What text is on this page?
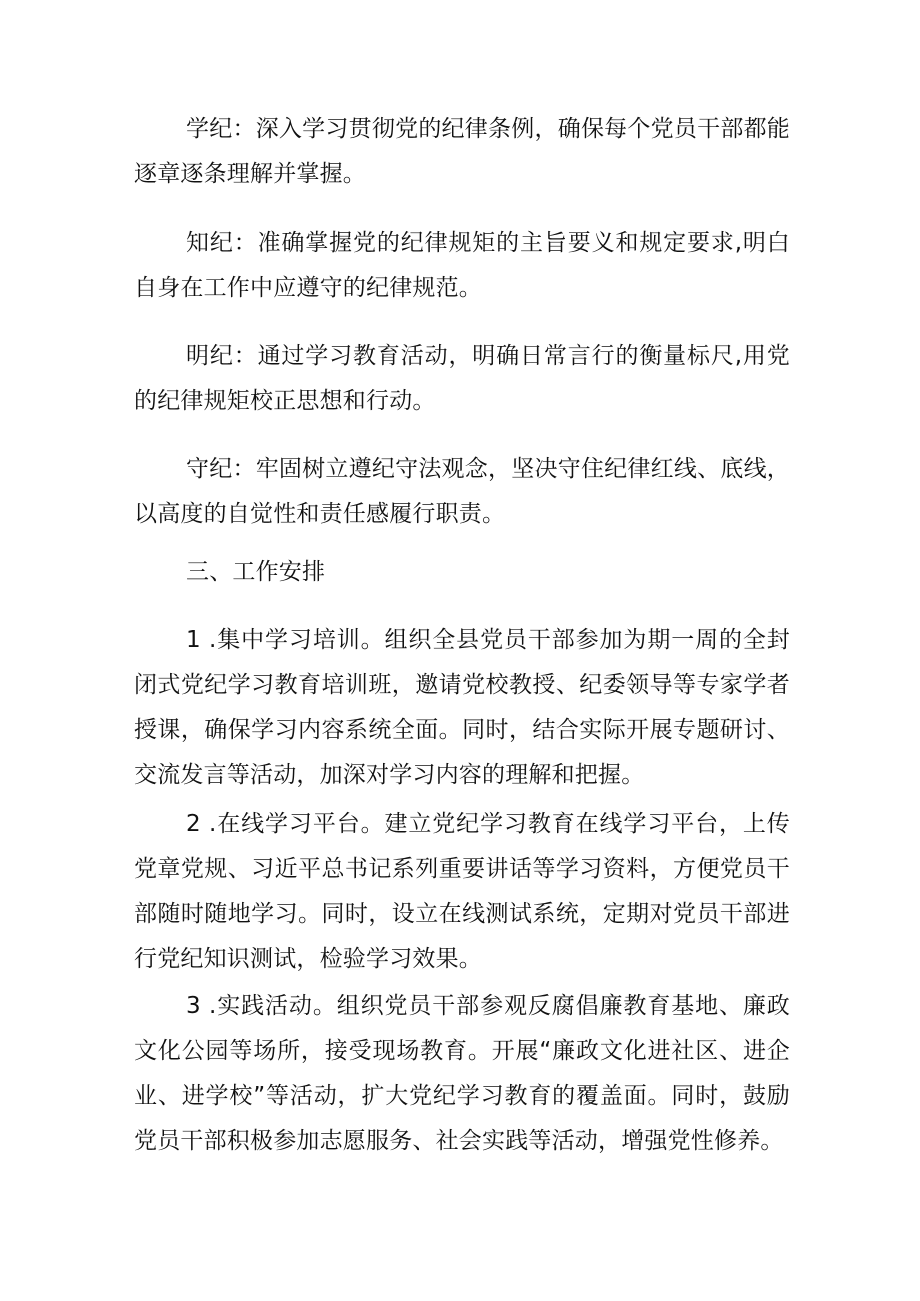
学纪：深入学习贯彻党的纪律条例，确保每个党员干部都能逐章逐条理解并掌握。

知纪：准确掌握党的纪律规矩的主旨要义和规定要求,明白自身在工作中应遵守的纪律规范。

明纪：通过学习教育活动，明确日常言行的衡量标尺,用党的纪律规矩校正思想和行动。

守纪：牢固树立遵纪守法观念，坚决守住纪律红线、底线，以高度的自觉性和责任感履行职责。

三、工作安排

1 .集中学习培训。组织全县党员干部参加为期一周的全封闭式党纪学习教育培训班，邀请党校教授、纪委领导等专家学者授课，确保学习内容系统全面。同时，结合实际开展专题研讨、交流发言等活动，加深对学习内容的理解和把握。

2 .在线学习平台。建立党纪学习教育在线学习平台，上传党章党规、习近平总书记系列重要讲话等学习资料，方便党员干部随时随地学习。同时，设立在线测试系统，定期对党员干部进行党纪知识测试，检验学习效果。

3 .实践活动。组织党员干部参观反腐倡廉教育基地、廉政文化公园等场所，接受现场教育。开展“廉政文化进社区、进企业、进学校”等活动，扩大党纪学习教育的覆盖面。同时，鼓励党员干部积极参加志愿服务、社会实践等活动，增强党性修养。
